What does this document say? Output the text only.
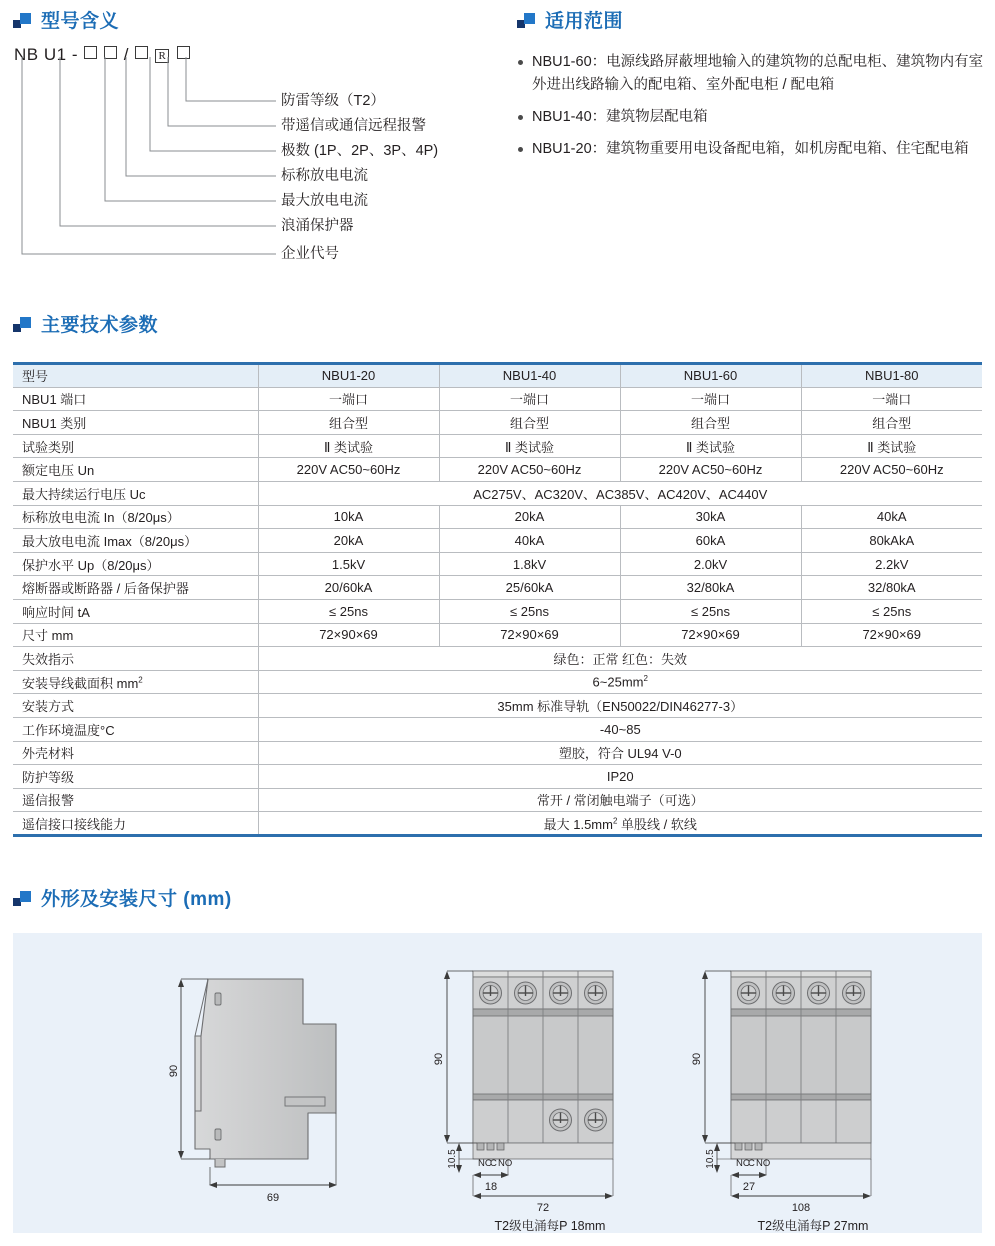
型号含义
NB U1 -	/	R
防雷等级（T2）
带遥信或通信远程报警
极数 (1P、2P、3P、4P)
标称放电电流
最大放电电流
浪涌保护器
企业代号
适用范围
NBU1-60：电源线路屏蔽埋地输入的建筑物的总配电柜、建筑物内有室外进出线路输入的配电箱、室外配电柜 / 配电箱
NBU1-40：建筑物层配电箱
NBU1-20：建筑物重要用电设备配电箱，如机房配电箱、住宅配电箱
主要技术参数
型号	NBU1-20	NBU1-40	NBU1-60	NBU1-80
NBU1 端口	一端口	一端口	一端口	一端口
NBU1 类别	组合型	组合型	组合型	组合型
试验类别	Ⅱ 类试验	Ⅱ 类试验	Ⅱ 类试验	Ⅱ 类试验
额定电压 Un	220V AC50~60Hz	220V AC50~60Hz	220V AC50~60Hz	220V AC50~60Hz
最大持续运行电压 Uc	AC275V、AC320V、AC385V、AC420V、AC440V			
标称放电电流 In（8/20μs）	10kA	20kA	30kA	40kA
最大放电电流 Imax（8/20μs）	20kA	40kA	60kA	80kAkA
保护水平 Up（8/20μs）	1.5kV	1.8kV	2.0kV	2.2kV
熔断器或断路器 / 后备保护器	20/60kA	25/60kA	32/80kA	32/80kA
响应时间 tA	≤ 25ns	≤ 25ns	≤ 25ns	≤ 25ns
尺寸 mm	72×90×69	72×90×69	72×90×69	72×90×69
失效指示	绿色：正常 红色：失效			
安装导线截面积 $mm^2$	$6\sim 25mm^2$
安装方式	35mm 标准导轨（EN50022/DIN46277-3）			
工作环境温度°C	-40~85			
外壳材料	塑胶，符合 UL94 V-0			
防护等级	IP20			
遥信报警	常开 / 常闭触电端子（可选）			
遥信接口接线能力	最大 $1.5mm^2$ 单股线 / 软线			
外形及安装尺寸 (mm)
90
69
90
10.5 NC
C NO
18
72
T2级电涌每P 18mm
90
10.5 NC
C NO
27
108
T2级电涌每P 27mm
